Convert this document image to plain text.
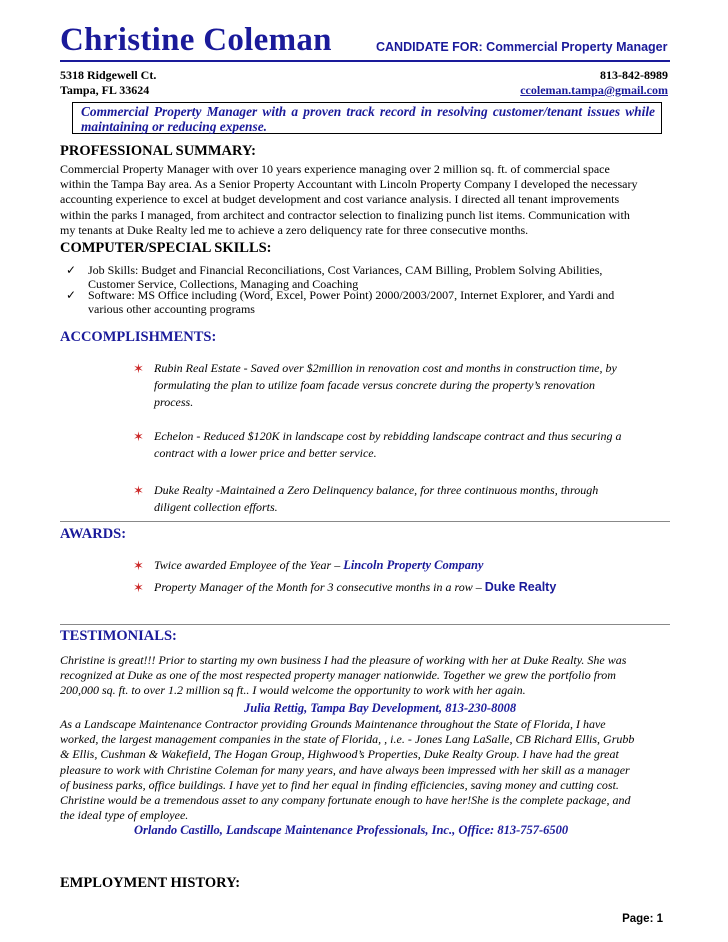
Christine Coleman	CANDIDATE FOR: Commercial Property Manager
5318 Ridgewell Ct.
Tampa, FL 33624
813-842-8989
ccoleman.tampa@gmail.com
Commercial Property Manager with a proven track record in resolving customer/tenant issues while maintaining or reducing expense.
PROFESSIONAL SUMMARY:
Commercial Property Manager with over 10 years experience managing over 2 million sq. ft. of commercial space
within the Tampa Bay area. As a Senior Property Accountant with Lincoln Property Company I developed the necessary
accounting experience to excel at budget development and cost variance analysis. I directed all tenant improvements
within the parks I managed, from architect and contractor selection to finalizing punch list items. Communication with
my tenants at Duke Realty led me to achieve a zero deliquency rate for three consecutive months.
COMPUTER/SPECIAL SKILLS:
✓ Job Skills: Budget and Financial Reconciliations, Cost Variances, CAM Billing, Problem Solving Abilities,
Customer Service, Collections, Managing and Coaching
✓ Software: MS Office including (Word, Excel, Power Point) 2000/2003/2007, Internet Explorer, and Yardi and
various other accounting programs
ACCOMPLISHMENTS:
✶ Rubin Real Estate - Saved over $2million in renovation cost and months in construction time, by
formulating the plan to utilize foam facade versus concrete during the property’s renovation
process.
✶ Echelon - Reduced $120K in landscape cost by rebidding landscape contract and thus securing a
contract with a lower price and better service.
✶ Duke Realty -Maintained a Zero Delinquency balance, for three continuous months, through
diligent collection efforts.
AWARDS:
✶ Twice awarded Employee of the Year – Lincoln Property Company
✶ Property Manager of the Month for 3 consecutive months in a row – Duke Realty
TESTIMONIALS:
Christine is great!!! Prior to starting my own business I had the pleasure of working with her at Duke Realty. She was
recognized at Duke as one of the most respected property manager nationwide. Together we grew the portfolio from
200,000 sq. ft. to over 1.2 million sq ft.. I would welcome the opportunity to work with her again.
Julia Rettig, Tampa Bay Development, 813-230-8008
As a Landscape Maintenance Contractor providing Grounds Maintenance throughout the State of Florida, I have
worked, the largest management companies in the state of Florida, , i.e. - Jones Lang LaSalle, CB Richard Ellis, Grubb
& Ellis, Cushman & Wakefield, The Hogan Group, Highwood’s Properties, Duke Realty Group. I have had the great
pleasure to work with Christine Coleman for many years, and have always been impressed with her skill as a manager
of business parks, office buildings. I have yet to find her equal in finding efficiencies, saving money and cutting cost.
Christine would be a tremendous asset to any company fortunate enough to have her!She is the complete package, and
the ideal type of employee.
Orlando Castillo, Landscape Maintenance Professionals, Inc., Office: 813-757-6500
EMPLOYMENT HISTORY:
Page: 1
